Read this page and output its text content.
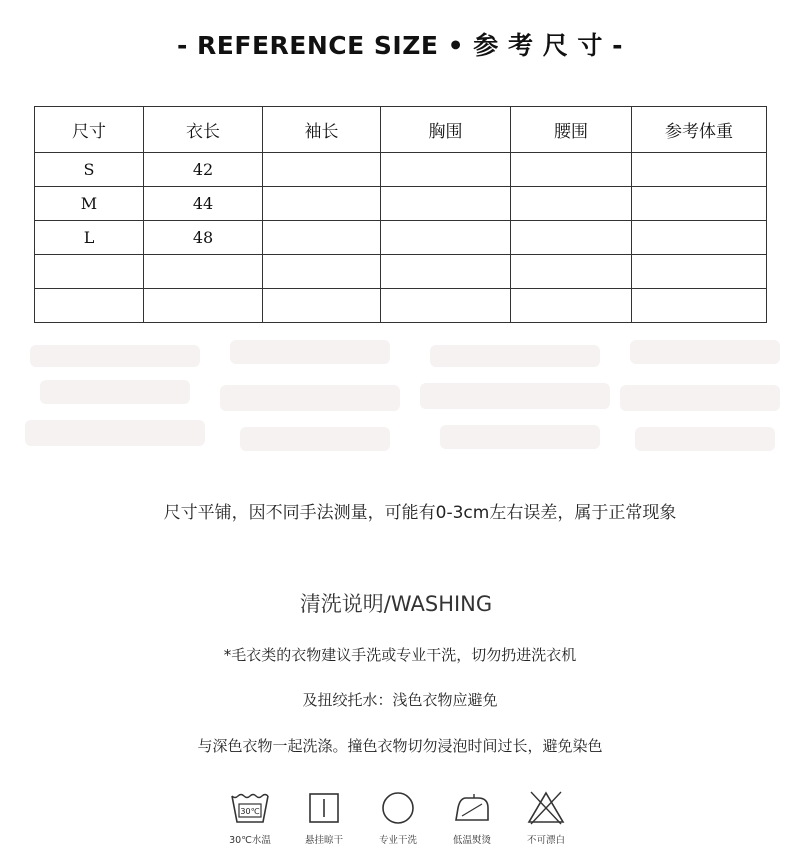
- REFERENCE SIZE • 参 考 尺 寸 -
尺寸	衣长	袖长	胸围	腰围	参考体重
S	42				
M	44				
L	48				

尺寸平铺，因不同手法测量，可能有0-3cm左右误差，属于正常现象
清洗说明/WASHING
*毛衣类的衣物建议手洗或专业干洗，切勿扔进洗衣机
及扭绞托水：浅色衣物应避免
与深色衣物一起洗涤。撞色衣物切勿浸泡时间过长，避免染色
30℃
30℃水温	悬挂晾干	专业干洗	低温熨烫	不可漂白
